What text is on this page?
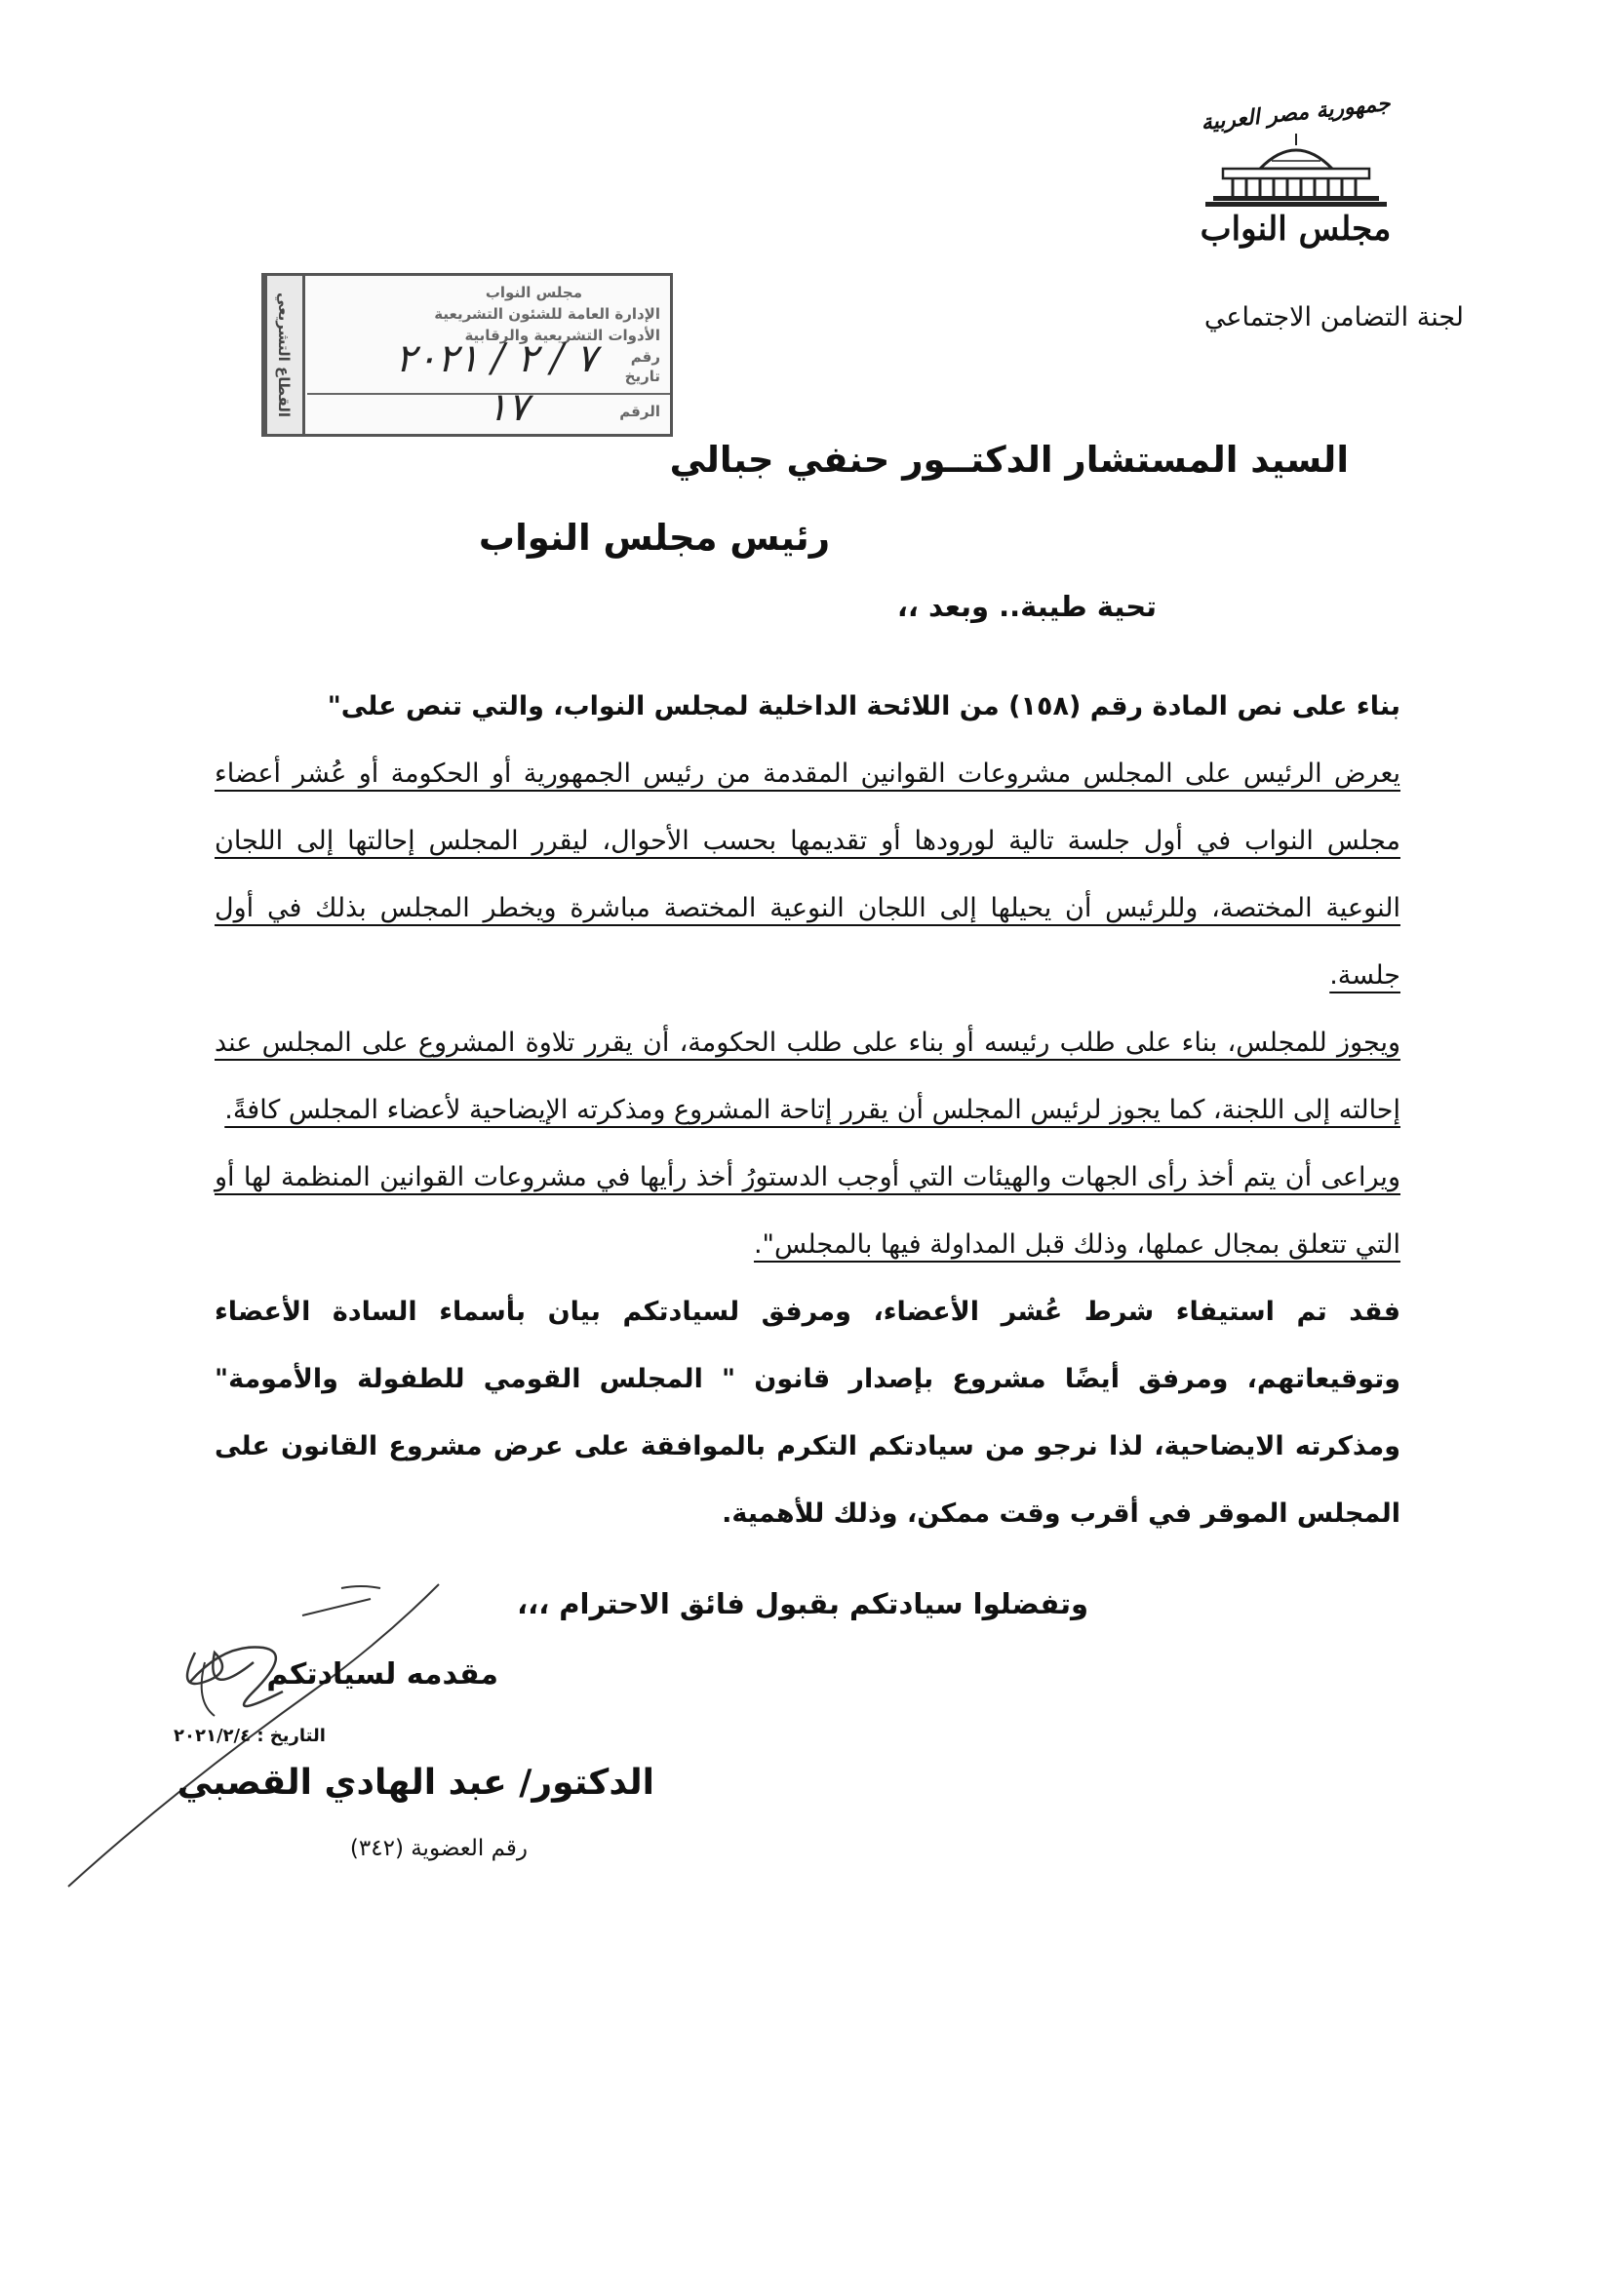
جمهورية مصر العربية
مجلس النواب
لجنة التضامن الاجتماعي
القطاع التشريعي	مجلس النواب
الإدارة العامة للشئون التشريعية
الأدوات التشريعية والرقابية
رقم
تاريخ
٧ / ٢ / ٢٠٢١
الرقم
١٧
السيد المستشار الدكتــور حنفي جبالي
رئيس مجلس النواب
تحية طيبة.. وبعد ،،

بناء على نص المادة رقم (١٥٨) من اللائحة الداخلية لمجلس النواب، والتي تنص على"

يعرض الرئيس على المجلس مشروعات القوانين المقدمة من رئيس الجمهورية أو الحكومة أو عُشر أعضاء مجلس النواب في أول جلسة تالية لورودها أو تقديمها بحسب الأحوال، ليقرر المجلس إحالتها إلى اللجان النوعية المختصة، وللرئيس أن يحيلها إلى اللجان النوعية المختصة مباشرة ويخطر المجلس بذلك في أول جلسة.

ويجوز للمجلس، بناء على طلب رئيسه أو بناء على طلب الحكومة، أن يقرر تلاوة المشروع على المجلس عند إحالته إلى اللجنة، كما يجوز لرئيس المجلس أن يقرر إتاحة المشروع ومذكرته الإيضاحية لأعضاء المجلس كافةً.

ويراعى أن يتم أخذ رأى الجهات والهيئات التي أوجب الدستورُ أخذ رأيها في مشروعات القوانين المنظمة لها أو التي تتعلق بمجال عملها، وذلك قبل المداولة فيها بالمجلس".

فقد تم استيفاء شرط عُشر الأعضاء، ومرفق لسيادتكم بيان بأسماء السادة الأعضاء وتوقيعاتهم، ومرفق أيضًا مشروع بإصدار قانون " المجلس القومي للطفولة والأمومة" ومذكرته الايضاحية، لذا نرجو من سيادتكم التكرم بالموافقة على عرض مشروع القانون على المجلس الموقر في أقرب وقت ممكن، وذلك للأهمية.

وتفضلوا سيادتكم بقبول فائق الاحترام ،،،
مقدمه لسيادتكم
التاريخ : ٢٠٢١/٢/٤
الدكتور/ عبد الهادي القصبي
رقم العضوية (٣٤٢)
